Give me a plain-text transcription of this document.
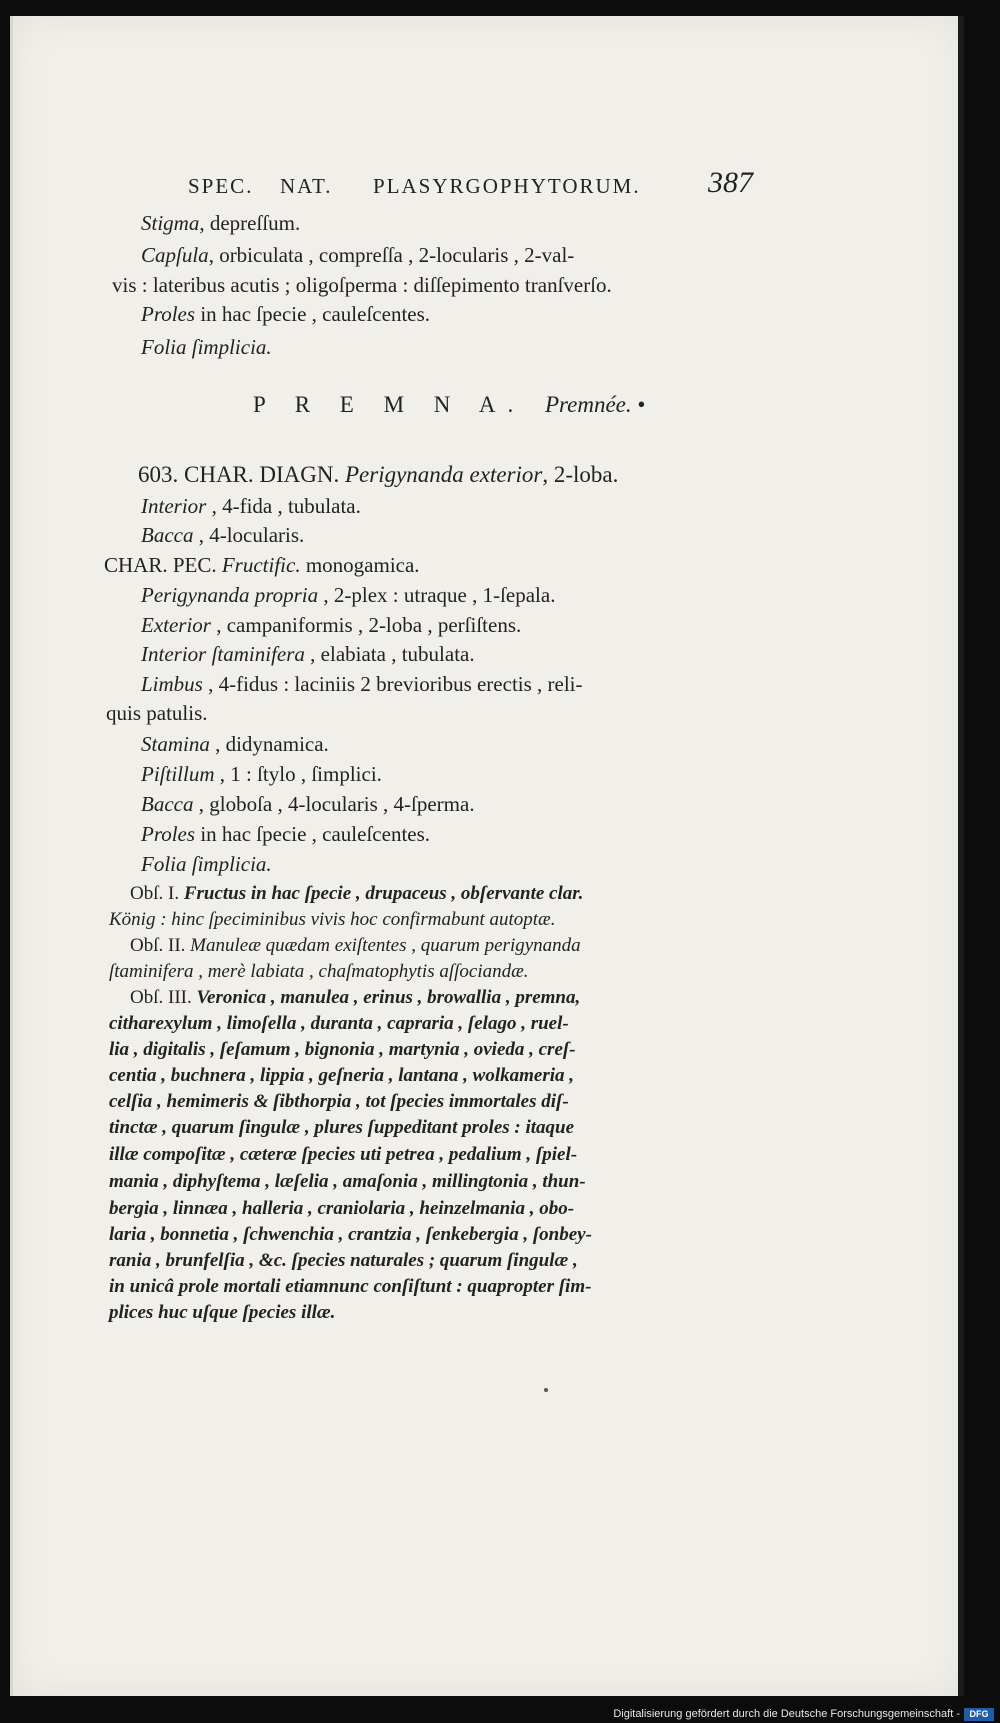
SPEC. NAT. PLASYRGOPHYTORUM. 387
Stigma, depreſſum.
Capſula, orbiculata , compreſſa , 2-locularis , 2-val-
vis : lateribus acutis ; oligoſperma : diſſepimento tranſverſo.
Proles in hac ſpecie , cauleſcentes.
Folia ſimplicia.
P R E M N A. Premnée. •
603. CHAR. DIAGN. Perigynanda exterior, 2-loba.
Interior , 4-fida , tubulata.
Bacca , 4-locularis.
CHAR. PEC. Fructific. monogamica.
Perigynanda propria , 2-plex : utraque , 1-ſepala.
Exterior , campaniformis , 2-loba , perſiſtens.
Interior ſtaminifera , elabiata , tubulata.
Limbus , 4-fidus : laciniis 2 brevioribus erectis , reli-
quis patulis.
Stamina , didynamica.
Piſtillum , 1 : ſtylo , ſimplici.
Bacca , globoſa , 4-locularis , 4-ſperma.
Proles in hac ſpecie , cauleſcentes.
Folia ſimplicia.
Obſ. I. Fructus in hac ſpecie , drupaceus , obſervante clar.
König : hinc ſpeciminibus vivis hoc confirmabunt autoptæ.
Obſ. II. Manuleæ quædam exiſtentes , quarum perigynanda
ſtaminifera , merè labiata , chaſmatophytis aſſociandæ.
Obſ. III. Veronica , manulea , erinus , browallia , premna,
citharexylum , limoſella , duranta , capraria , ſelago , ruel-
lia , digitalis , ſeſamum , bignonia , martynia , ovieda , creſ-
centia , buchnera , lippia , geſneria , lantana , wolkameria ,
celſia , hemimeris & ſibthorpia , tot ſpecies immortales diſ-
tinctæ , quarum ſingulæ , plures ſuppeditant proles : itaque
illæ compoſitæ , cæteræ ſpecies uti petrea , pedalium , ſpiel-
mania , diphyſtema , læſelia , amaſonia , millingtonia , thun-
bergia , linnæa , halleria , craniolaria , heinzelmania , obo-
laria , bonnetia , ſchwenchia , crantzia , ſenkebergia , ſonbey-
rania , brunfelſia , &c. ſpecies naturales ; quarum ſingulæ ,
in unicâ prole mortali etiamnunc conſiſtunt : quapropter ſim-
plices huc uſque ſpecies illæ.
Digitalisierung gefördert durch die Deutsche Forschungsgemeinschaft -	DFG
